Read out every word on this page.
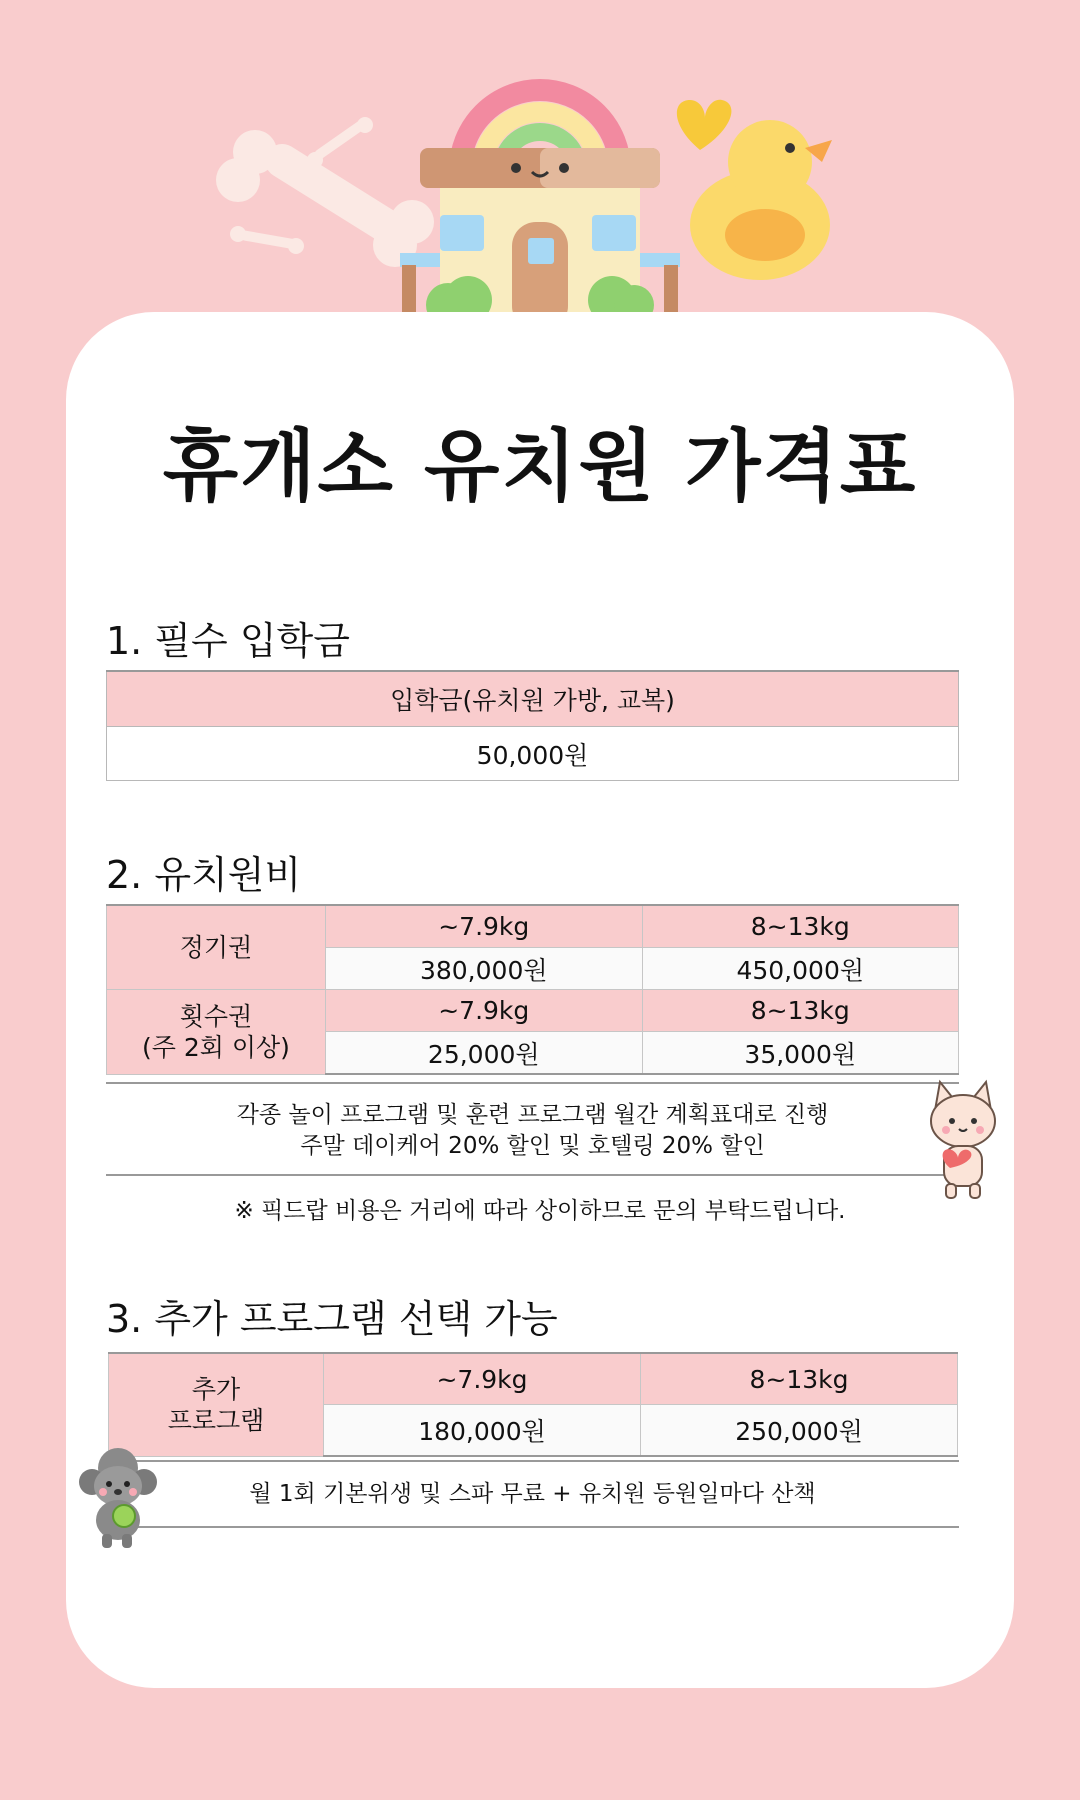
휴개소 유치원 가격표
1. 필수 입학금
입학금(유치원 가방, 교복)
50,000원
2. 유치원비
정기권	~7.9kg	8~13kg
	380,000원	450,000원

횟수권
(주 2회 이상)	~7.9kg	8~13kg
	25,000원	35,000원
각종 놀이 프로그램 및 훈련 프로그램 월간 계획표대로 진행
주말 데이케어 20% 할인 및 호텔링 20% 할인
※ 픽드랍 비용은 거리에 따라 상이하므로 문의 부탁드립니다.
3. 추가 프로그램 선택 가능
추가
프로그램	~7.9kg	8~13kg
	180,000원	250,000원
월 1회 기본위생 및 스파 무료 + 유치원 등원일마다 산책
